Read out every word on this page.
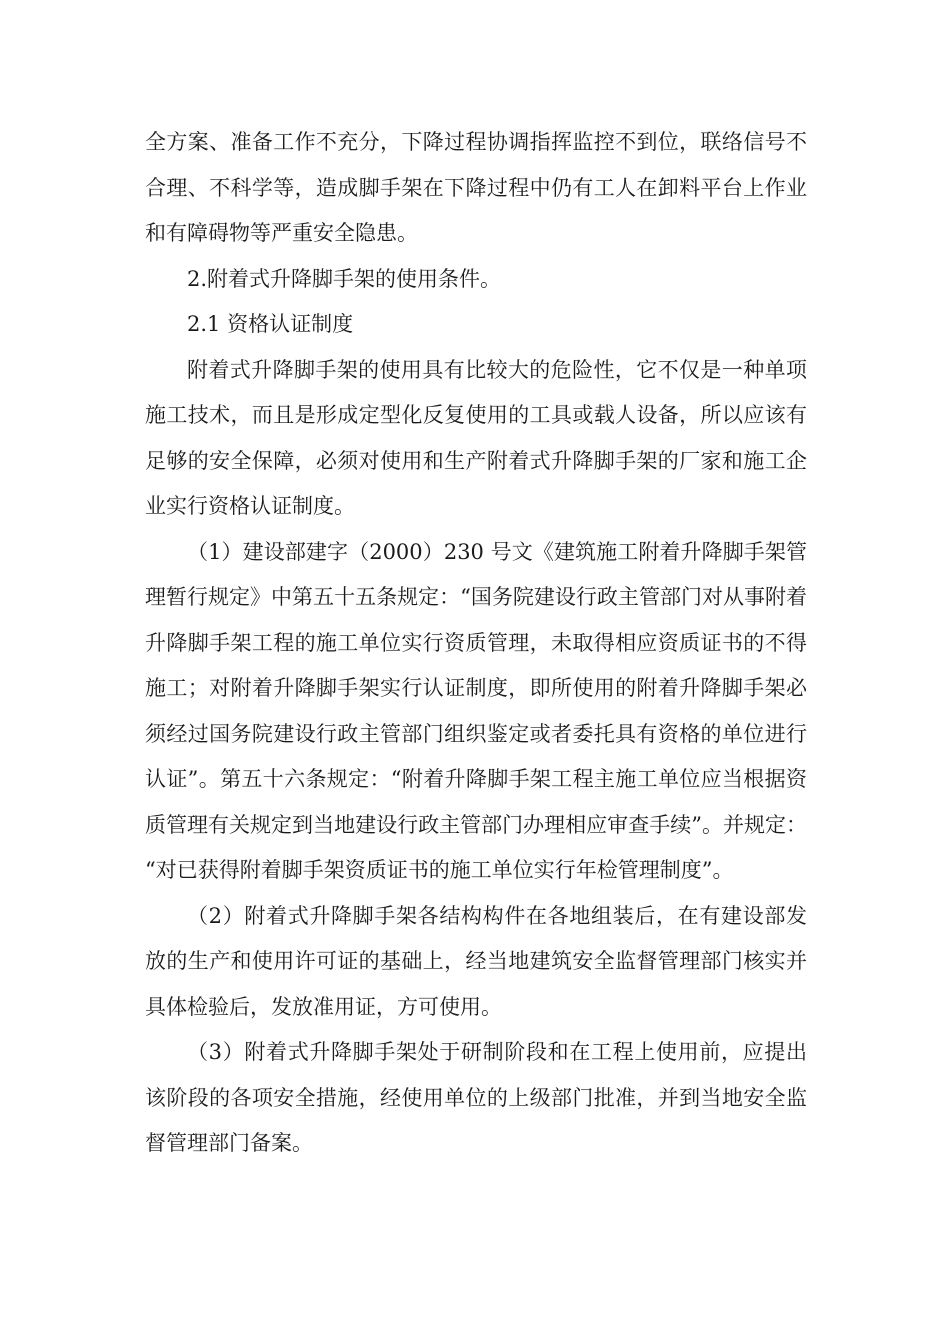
全方案、准备工作不充分，下降过程协调指挥监控不到位，联络信号不合理、不科学等，造成脚手架在下降过程中仍有工人在卸料平台上作业和有障碍物等严重安全隐患。

2.附着式升降脚手架的使用条件。

2.1 资格认证制度

附着式升降脚手架的使用具有比较大的危险性，它不仅是一种单项施工技术，而且是形成定型化反复使用的工具或载人设备，所以应该有足够的安全保障，必须对使用和生产附着式升降脚手架的厂家和施工企业实行资格认证制度。

（1）建设部建字（2000）230 号文《建筑施工附着升降脚手架管理暂行规定》中第五十五条规定：“国务院建设行政主管部门对从事附着升降脚手架工程的施工单位实行资质管理，未取得相应资质证书的不得施工；对附着升降脚手架实行认证制度，即所使用的附着升降脚手架必须经过国务院建设行政主管部门组织鉴定或者委托具有资格的单位进行认证”。第五十六条规定：“附着升降脚手架工程主施工单位应当根据资质管理有关规定到当地建设行政主管部门办理相应审查手续”。并规定：“对已获得附着脚手架资质证书的施工单位实行年检管理制度”。

（2）附着式升降脚手架各结构构件在各地组装后，在有建设部发放的生产和使用许可证的基础上，经当地建筑安全监督管理部门核实并具体检验后，发放准用证，方可使用。

（3）附着式升降脚手架处于研制阶段和在工程上使用前，应提出该阶段的各项安全措施，经使用单位的上级部门批准，并到当地安全监督管理部门备案。
